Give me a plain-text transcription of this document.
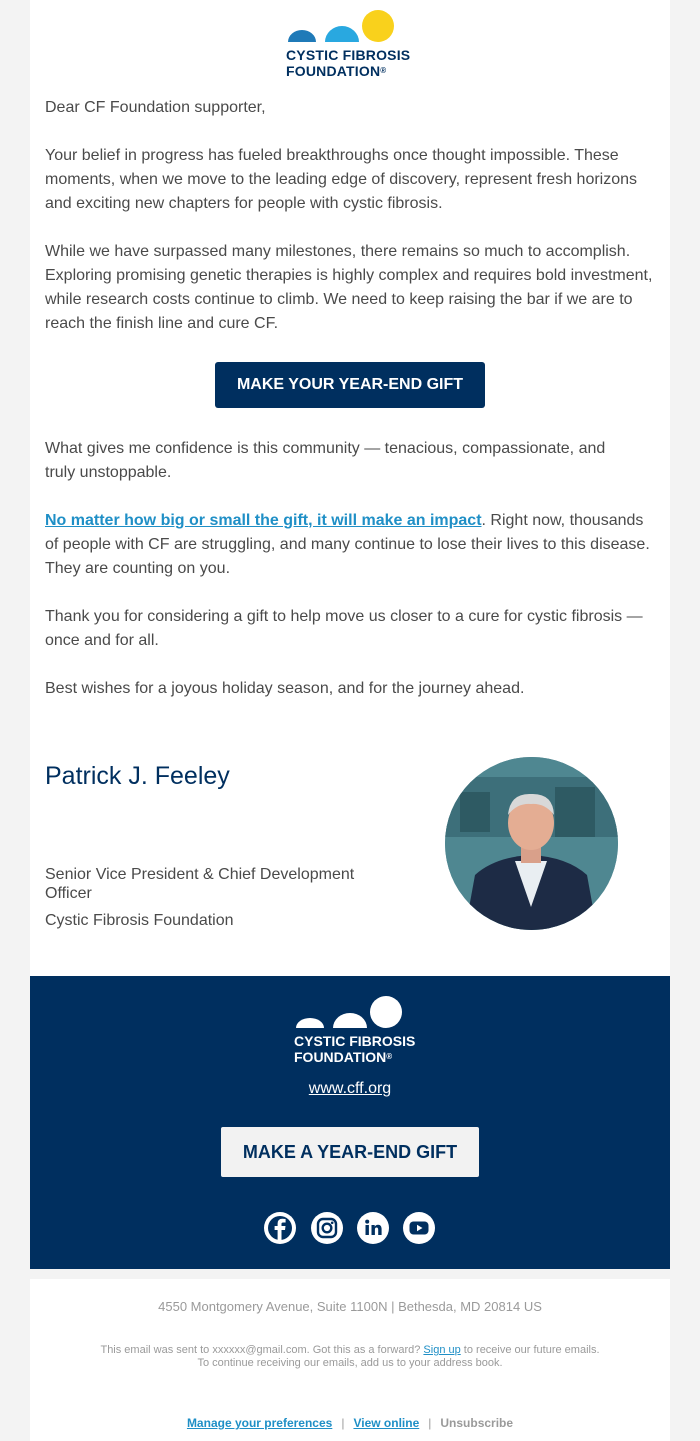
CYSTIC FIBROSIS
FOUNDATION®

Dear CF Foundation supporter,

Your belief in progress has fueled breakthroughs once thought impossible. These moments, when we move to the leading edge of discovery, represent fresh horizons and exciting new chapters for people with cystic fibrosis.

While we have surpassed many milestones, there remains so much to accomplish. Exploring promising genetic therapies is highly complex and requires bold investment, while research costs continue to climb. We need to keep raising the bar if we are to reach the finish line and cure CF.

MAKE YOUR YEAR-END GIFT

What gives me confidence is this community — tenacious, compassionate, and truly unstoppable.

No matter how big or small the gift, it will make an impact. Right now, thousands of people with CF are struggling, and many continue to lose their lives to this disease. They are counting on you.

Thank you for considering a gift to help move us closer to a cure for cystic fibrosis — once and for all.

Best wishes for a joyous holiday season, and for the journey ahead.

Patrick J. Feeley

Senior Vice President & Chief Development Officer

Cystic Fibrosis Foundation

CYSTIC FIBROSIS
FOUNDATION®
www.cff.org
MAKE A YEAR-END GIFT
4550 Montgomery Avenue, Suite 1100N | Bethesda, MD 20814 US
This email was sent to xxxxxx@gmail.com. Got this as a forward? Sign up to receive our future emails.
To continue receiving our emails, add us to your address book.
Manage your preferences | View online | Unsubscribe
